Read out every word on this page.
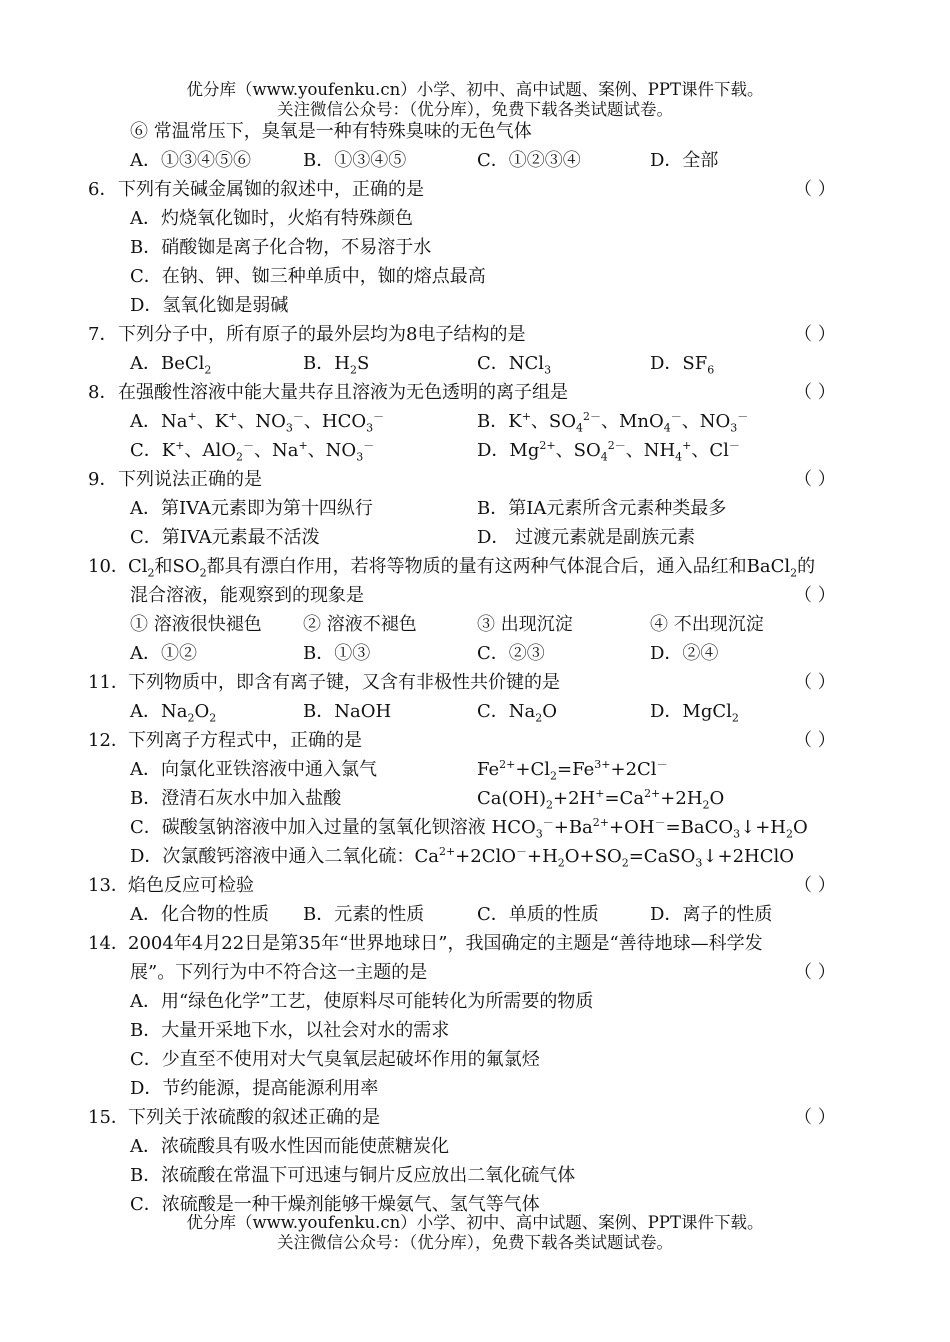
优分库（www.youfenku.cn）小学、初中、高中试题、案例、PPT课件下载。
关注微信公众号：（优分库），免费下载各类试题试卷。
⑥ 常温常压下，臭氧是一种有特殊臭味的无色气体
A．①③④⑤⑥	B．①③④⑤	C．①②③④	D．全部
6．下列有关碱金属铷的叙述中，正确的是	（ ）
A．灼烧氧化铷时，火焰有特殊颜色
B．硝酸铷是离子化合物，不易溶于水
C．在钠、钾、铷三种单质中，铷的熔点最高
D．氢氧化铷是弱碱
7．下列分子中，所有原子的最外层均为8电子结构的是	（ ）
A．BeCl$_2$	B．$H_2S$	C．NCl$_3$	D．$SF_6$
8．在强酸性溶液中能大量共存且溶液为无色透明的离子组是	（ ）
A．Na+、K+、$NO_3^-$、$HCO_3^-$	B．K+、$SO_4^{2-}$、MnO$_4$－、$NO_3^-$
C．K+、AlO$_2$－、Na+、$NO_3^-$	D．$Mg^{2+}$、$SO_4^{2-}$、$NH_4^+$、Cl－
9．下列说法正确的是	（ ）
A．第IVA元素即为第十四纵行	B．第IA元素所含元素种类最多
C．第IVA元素最不活泼	D． 过渡元素就是副族元素
10．$Cl_2$和$SO_2$都具有漂白作用，若将等物质的量有这两种气体混合后，通入品红和BaCl$_2$的
混合溶液，能观察到的现象是	（ ）
① 溶液很快褪色 ② 溶液不褪色	③ 出现沉淀	④ 不出现沉淀
A．①②	B．①③	C．②③	D．②④
11．下列物质中，即含有离子键，又含有非极性共价键的是	（ ）
A．$Na_2O_2$	B．NaOH	C．$Na_2O$	D．MgCl$_2$
12．下列离子方程式中，正确的是	（ ）
A．向氯化亚铁溶液中通入氯气	$Fe^{2+}+Cl_2=Fe^{3+}+2Cl^-$
B．澄清石灰水中加入盐酸	$Ca(OH)_2+2H^+=Ca^{2+}+2H_2O$
C．碳酸氢钠溶液中加入过量的氢氧化钡溶液 $HCO_3^-+Ba^{2+}+OH^-=BaCO_3↓+H_2O$
D．次氯酸钙溶液中通入二氧化硫：$Ca^{2+}+2ClO^-+H_2O+SO_2=CaSO_3↓+2HClO$
13．焰色反应可检验	（ ）
A．化合物的性质 B．元素的性质	C．单质的性质	D．离子的性质
14．2004年4月22日是第35年“世界地球日”，我国确定的主题是“善待地球—科学发
展”。下列行为中不符合这一主题的是	（ ）
A．用“绿色化学”工艺，使原料尽可能转化为所需要的物质
B．大量开采地下水，以社会对水的需求
C．少直至不使用对大气臭氧层起破坏作用的氟氯烃
D．节约能源，提高能源利用率
15．下列关于浓硫酸的叙述正确的是	（ ）
A．浓硫酸具有吸水性因而能使蔗糖炭化
B．浓硫酸在常温下可迅速与铜片反应放出二氧化硫气体
C．浓硫酸是一种干燥剂能够干燥氨气、氢气等气体
优分库（www.youfenku.cn）小学、初中、高中试题、案例、PPT课件下载。
关注微信公众号：（优分库），免费下载各类试题试卷。
